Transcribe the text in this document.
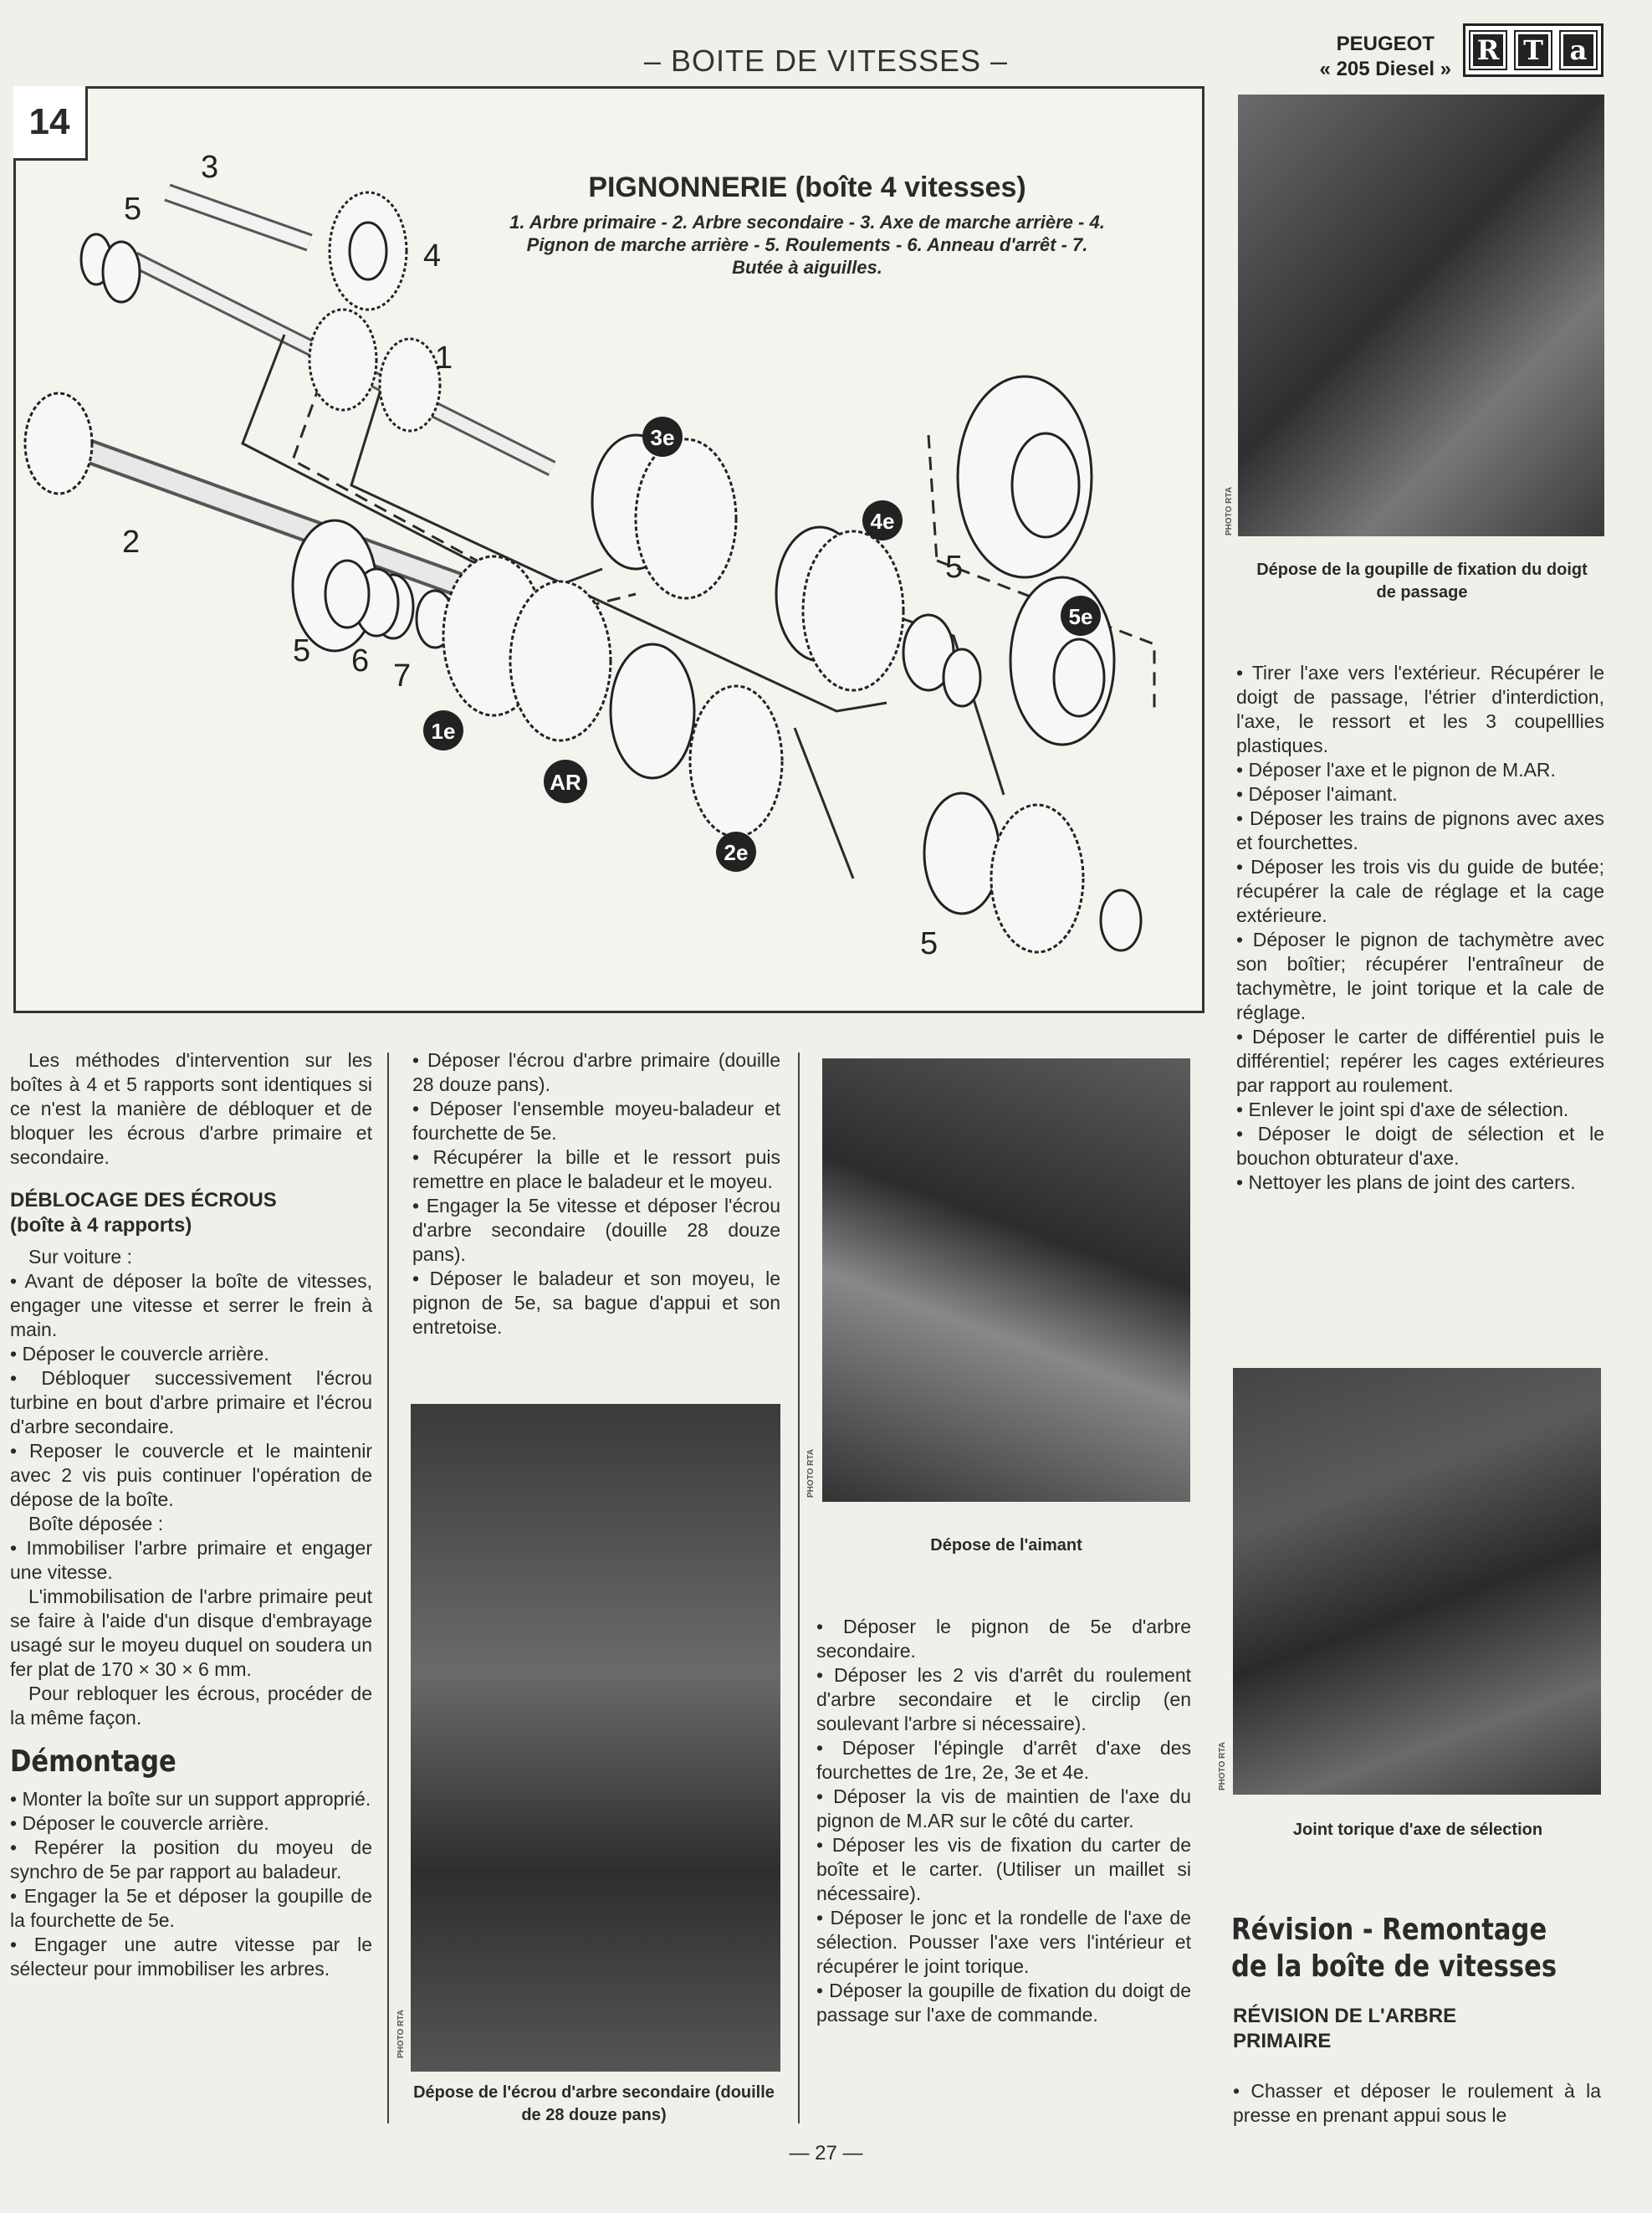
– BOITE DE VITESSES –	PEUGEOT
« 205 Diesel »
R T a
14
PIGNONNERIE (boîte 4 vitesses)
1. Arbre primaire - 2. Arbre secondaire - 3. Axe de marche arrière - 4. Pignon de marche arrière - 5. Roulements - 6. Anneau d'arrêt - 7. Butée à aiguilles.
3
5
4
1
2
5 6 7
5
5
3e
4e
5e
1e
AR
2e
PHOTO RTA
Dépose de la goupille de fixation du doigt de passage

• Tirer l'axe vers l'extérieur. Récupérer le doigt de passage, l'étrier d'interdiction, l'axe, le ressort et les 3 coupelllies plastiques.

• Déposer l'axe et le pignon de M.AR.

• Déposer l'aimant.

• Déposer les trains de pignons avec axes et fourchettes.

• Déposer les trois vis du guide de butée; récupérer la cale de réglage et la cage extérieure.

• Déposer le pignon de tachymètre avec son boîtier; récupérer l'entraîneur de tachymètre, le joint torique et la cale de réglage.

• Déposer le carter de différentiel puis le différentiel; repérer les cages extérieures par rapport au roulement.

• Enlever le joint spi d'axe de sélection.

• Déposer le doigt de sélection et le bouchon obturateur d'axe.

• Nettoyer les plans de joint des carters.

PHOTO RTA
Joint torique d'axe de sélection
Révision - Remontage de la boîte de vitesses
RÉVISION DE L'ARBRE PRIMAIRE
• Chasser et déposer le roulement à la presse en prenant appui sous le

Les méthodes d'intervention sur les boîtes à 4 et 5 rapports sont identiques si ce n'est la manière de débloquer et de bloquer les écrous d'arbre primaire et secondaire.

DÉBLOCAGE DES ÉCROUS
(boîte à 4 rapports)

Sur voiture :

• Avant de déposer la boîte de vitesses, engager une vitesse et serrer le frein à main.

• Déposer le couvercle arrière.

• Débloquer successivement l'écrou turbine en bout d'arbre primaire et l'écrou d'arbre secondaire.

• Reposer le couvercle et le maintenir avec 2 vis puis continuer l'opération de dépose de la boîte.

Boîte déposée :

• Immobiliser l'arbre primaire et engager une vitesse.

L'immobilisation de l'arbre primaire peut se faire à l'aide d'un disque d'embrayage usagé sur le moyeu duquel on soudera un fer plat de 170 × 30 × 6 mm.

Pour rebloquer les écrous, procéder de la même façon.

Démontage

• Monter la boîte sur un support approprié.

• Déposer le couvercle arrière.

• Repérer la position du moyeu de synchro de 5e par rapport au baladeur.

• Engager la 5e et déposer la goupille de la fourchette de 5e.

• Engager une autre vitesse par le sélecteur pour immobiliser les arbres.

• Déposer l'écrou d'arbre primaire (douille 28 douze pans).

• Déposer l'ensemble moyeu-baladeur et fourchette de 5e.

• Récupérer la bille et le ressort puis remettre en place le baladeur et le moyeu.

• Engager la 5e vitesse et déposer l'écrou d'arbre secondaire (douille 28 douze pans).

• Déposer le baladeur et son moyeu, le pignon de 5e, sa bague d'appui et son entretoise.

PHOTO RTA
Dépose de l'écrou d'arbre secondaire (douille de 28 douze pans)
PHOTO RTA
Dépose de l'aimant

• Déposer le pignon de 5e d'arbre secondaire.

• Déposer les 2 vis d'arrêt du roulement d'arbre secondaire et le circlip (en soulevant l'arbre si nécessaire).

• Déposer l'épingle d'arrêt d'axe des fourchettes de 1re, 2e, 3e et 4e.

• Déposer la vis de maintien de l'axe du pignon de M.AR sur le côté du carter.

• Déposer les vis de fixation du carter de boîte et le carter. (Utiliser un maillet si nécessaire).

• Déposer le jonc et la rondelle de l'axe de sélection. Pousser l'axe vers l'intérieur et récupérer le joint torique.

• Déposer la goupille de fixation du doigt de passage sur l'axe de commande.

— 27 —
